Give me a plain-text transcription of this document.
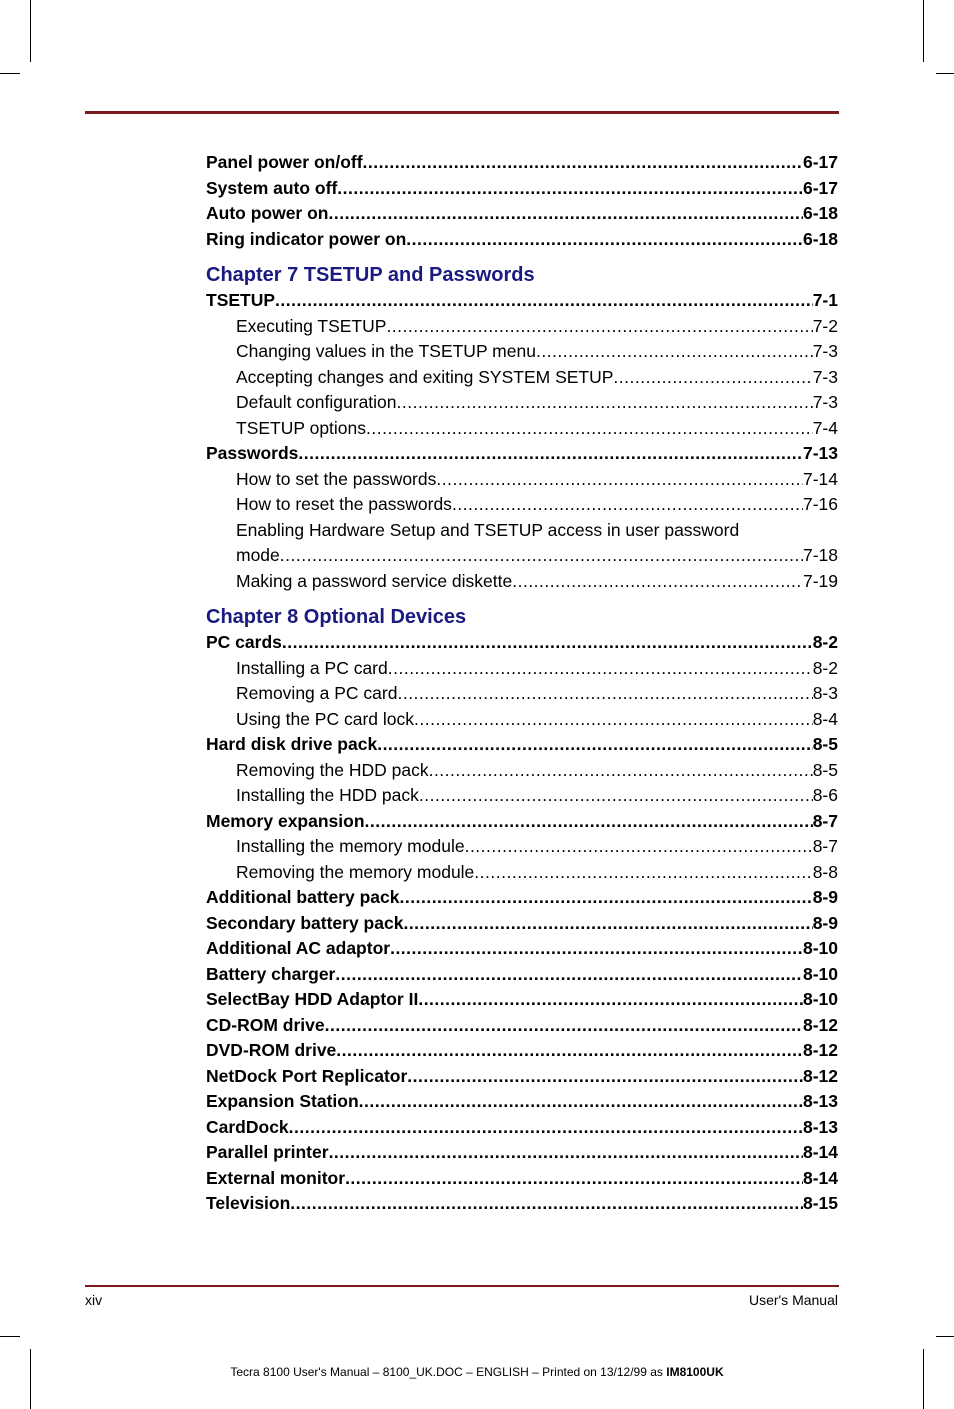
Panel power on/off .....	6-17
System auto off .....	6-17
Auto power on .....	6-18
Ring indicator power on .....	6-18
Chapter 7 TSETUP and Passwords
TSETUP .....	7-1
Executing TSETUP .....	7-2
Changing values in the TSETUP menu .....	7-3
Accepting changes and exiting SYSTEM SETUP .....	7-3
Default configuration .....	7-3
TSETUP options .....	7-4
Passwords .....	7-13
How to set the passwords .....	7-14
How to reset the passwords .....	7-16
Enabling Hardware Setup and TSETUP access in user password
mode .....	7-18
Making a password service diskette .....	7-19
Chapter 8 Optional Devices
PC cards .....	8-2
Installing a PC card .....	8-2
Removing a PC card .....	8-3
Using the PC card lock .....	8-4
Hard disk drive pack .....	8-5
Removing the HDD pack .....	8-5
Installing the HDD pack .....	8-6
Memory expansion .....	8-7
Installing the memory module .....	8-7
Removing the memory module .....	8-8
Additional battery pack .....	8-9
Secondary battery pack .....	8-9
Additional AC adaptor .....	8-10
Battery charger .....	8-10
SelectBay HDD Adaptor II .....	8-10
CD-ROM drive .....	8-12
DVD-ROM drive .....	8-12
NetDock Port Replicator .....	8-12
Expansion Station .....	8-13
CardDock .....	8-13
Parallel printer .....	8-14
External monitor .....	8-14
Television .....	8-15
xiv	User's Manual
Tecra 8100 User's Manual – 8100_UK.DOC – ENGLISH – Printed on 13/12/99 as IM8100UK
